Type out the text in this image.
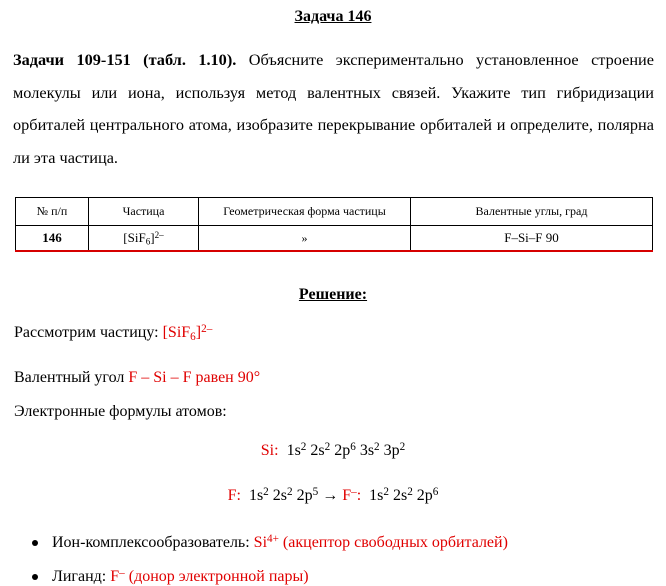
Задача 146
Задачи 109-151 (табл. 1.10). Объясните экспериментально установленное строение молекулы или иона, используя метод валентных связей. Укажите тип гибридизации орбиталей центрального атома, изобразите перекрывание орбиталей и определите, полярна ли эта частица.
№ п/п	Частица	Геометрическая форма частицы	Валентные углы, град
146	$[SiF_6]^{2-}$	»	F–Si–F 90
Решение:
Рассмотрим частицу: $[SiF_6]^{2-}$
Валентный угол F – Si – F равен 90°
Электронные формулы атомов:
Si: $1s^2$ $2s^2$ $2p^6$ $3s^2$ $3p^2$
F: $1s^2$ $2s^2$ $2p^5 \to F^-$: $1s^2$ $2s^2$ $2p^6$
Ион-комплексообразователь: $Si^{4+}$ (акцептор свободных орбиталей)
Лиганд: F– (донор электронной пары)
